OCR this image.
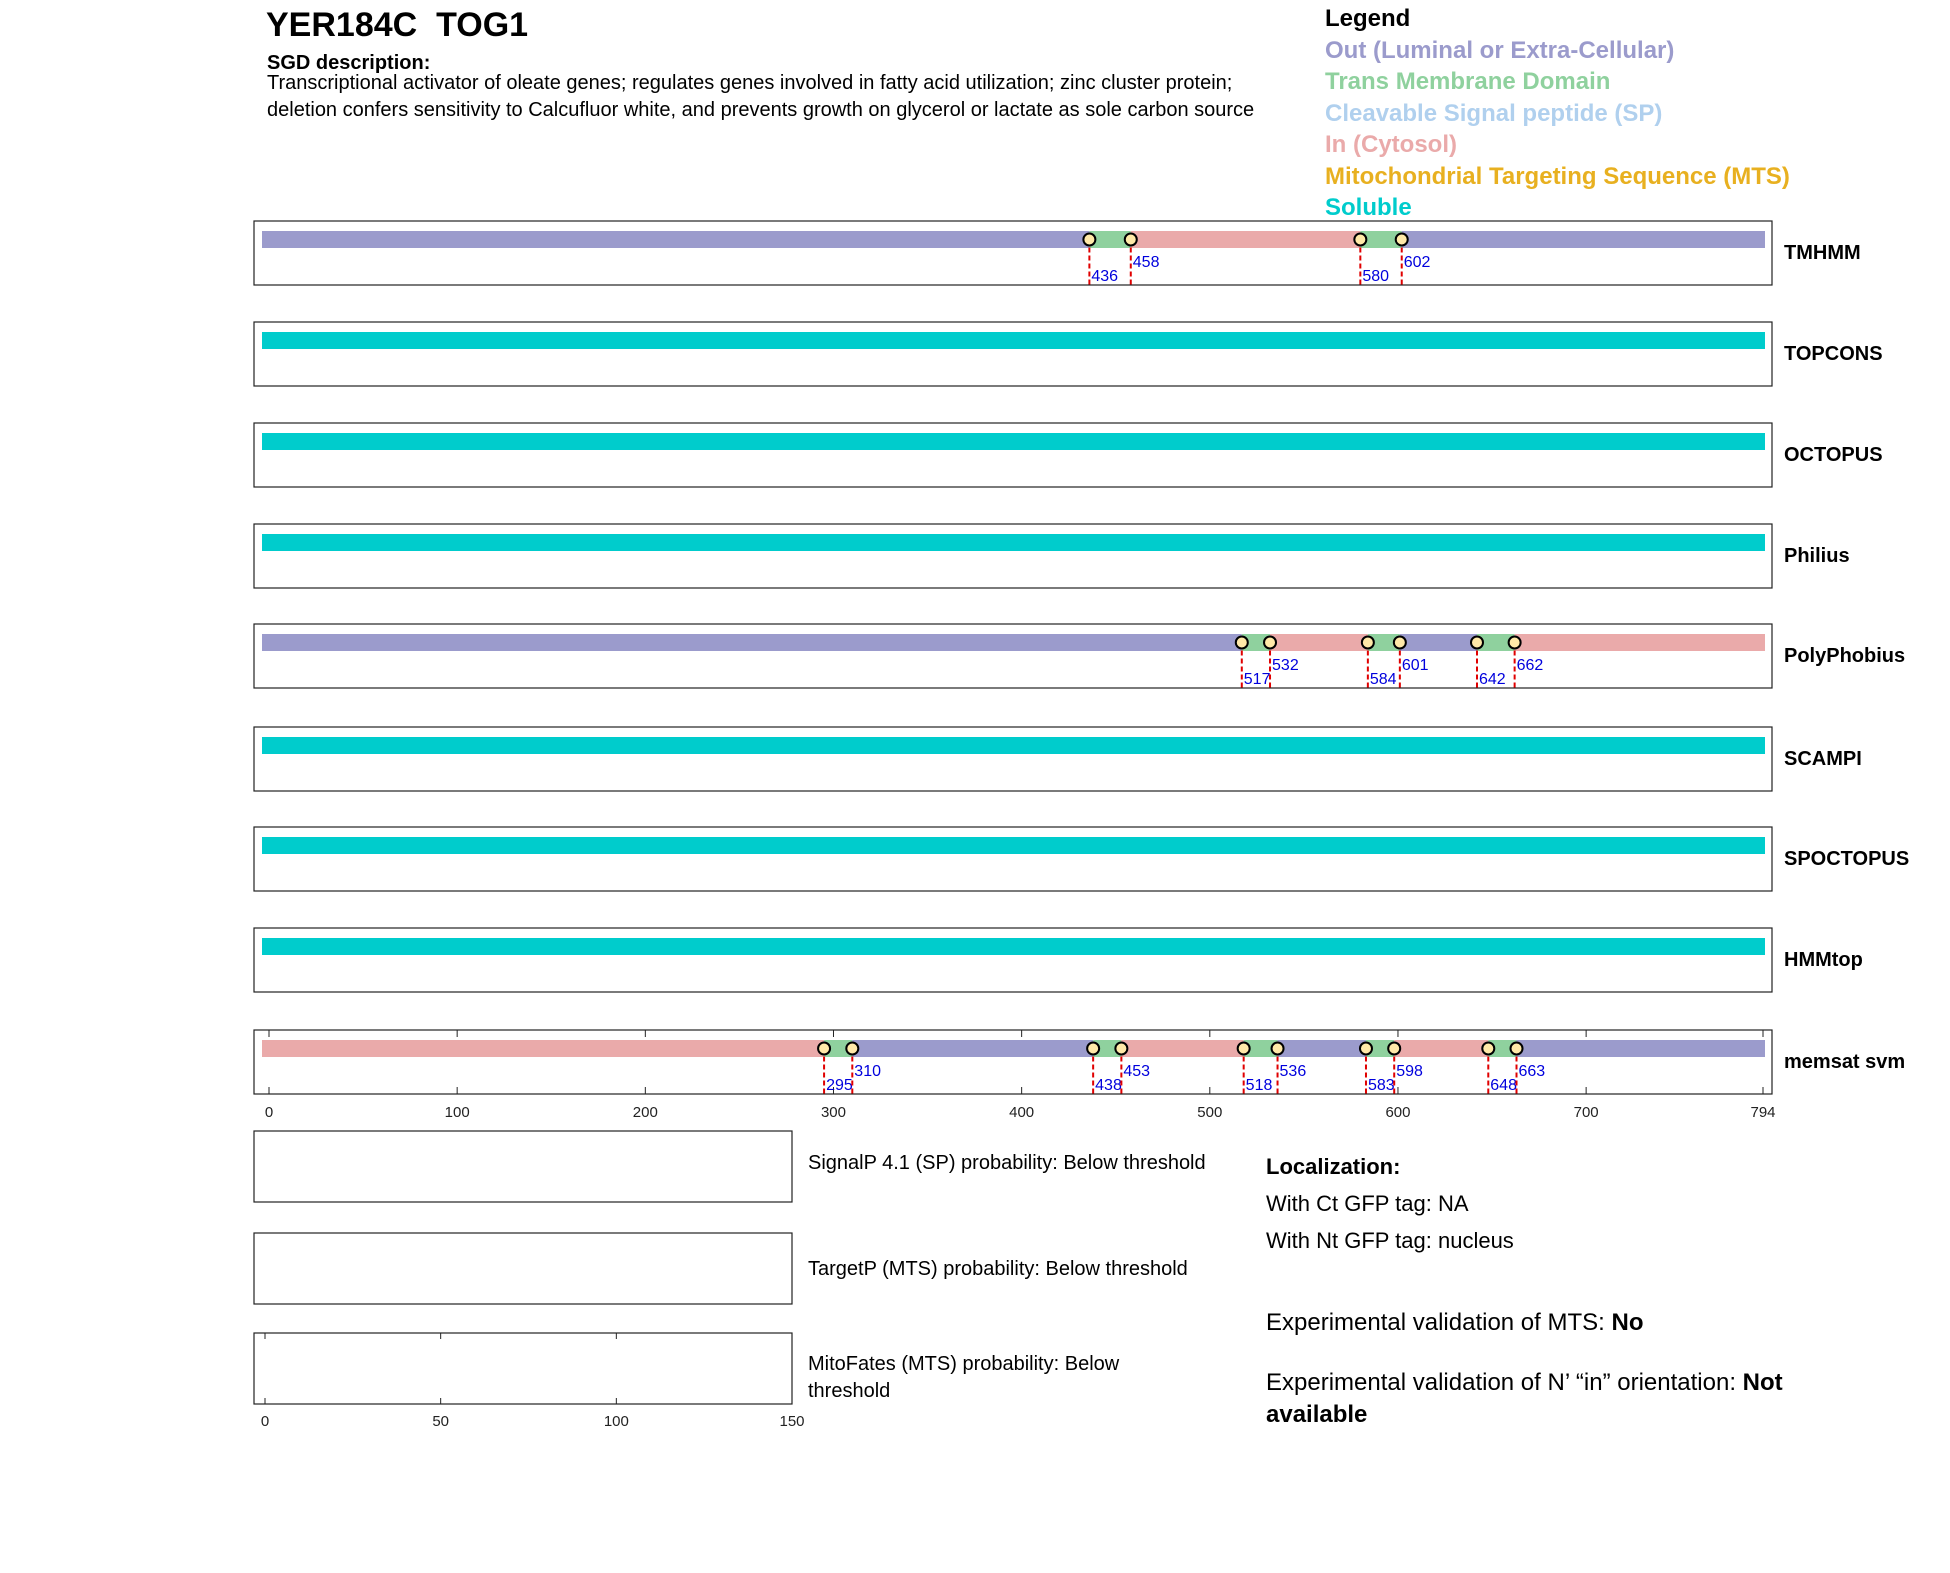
YER184C TOG1
SGD description:
Transcriptional activator of oleate genes; regulates genes involved in fatty acid utilization; zinc cluster protein; deletion confers sensitivity to Calcufluor white, and prevents growth on glycerol or lactate as sole carbon source
Legend
Out (Luminal or Extra-Cellular)
Trans Membrane Domain
Cleavable Signal peptide (SP)
In (Cytosol)
Mitochondrial Targeting Sequence (MTS)
Soluble
436
458
580
602	TMHMM
TOPCONS
OCTOPUS
Philius
517
532
584
601
642
662	PolyPhobius
SCAMPI
SPOCTOPUS
HMMtop
0	100	200	300	400	500	600	700	794
295
310
438
453
518
536
583
598
648
663	memsat svm
0	50	100	150
SignalP 4.1 (SP) probability: Below threshold
TargetP (MTS) probability: Below threshold
MitoFates (MTS) probability: Below threshold
Localization:
With Ct GFP tag: NA
With Nt GFP tag: nucleus
Experimental validation of MTS: No
Experimental validation of N’ “in” orientation: Not available
